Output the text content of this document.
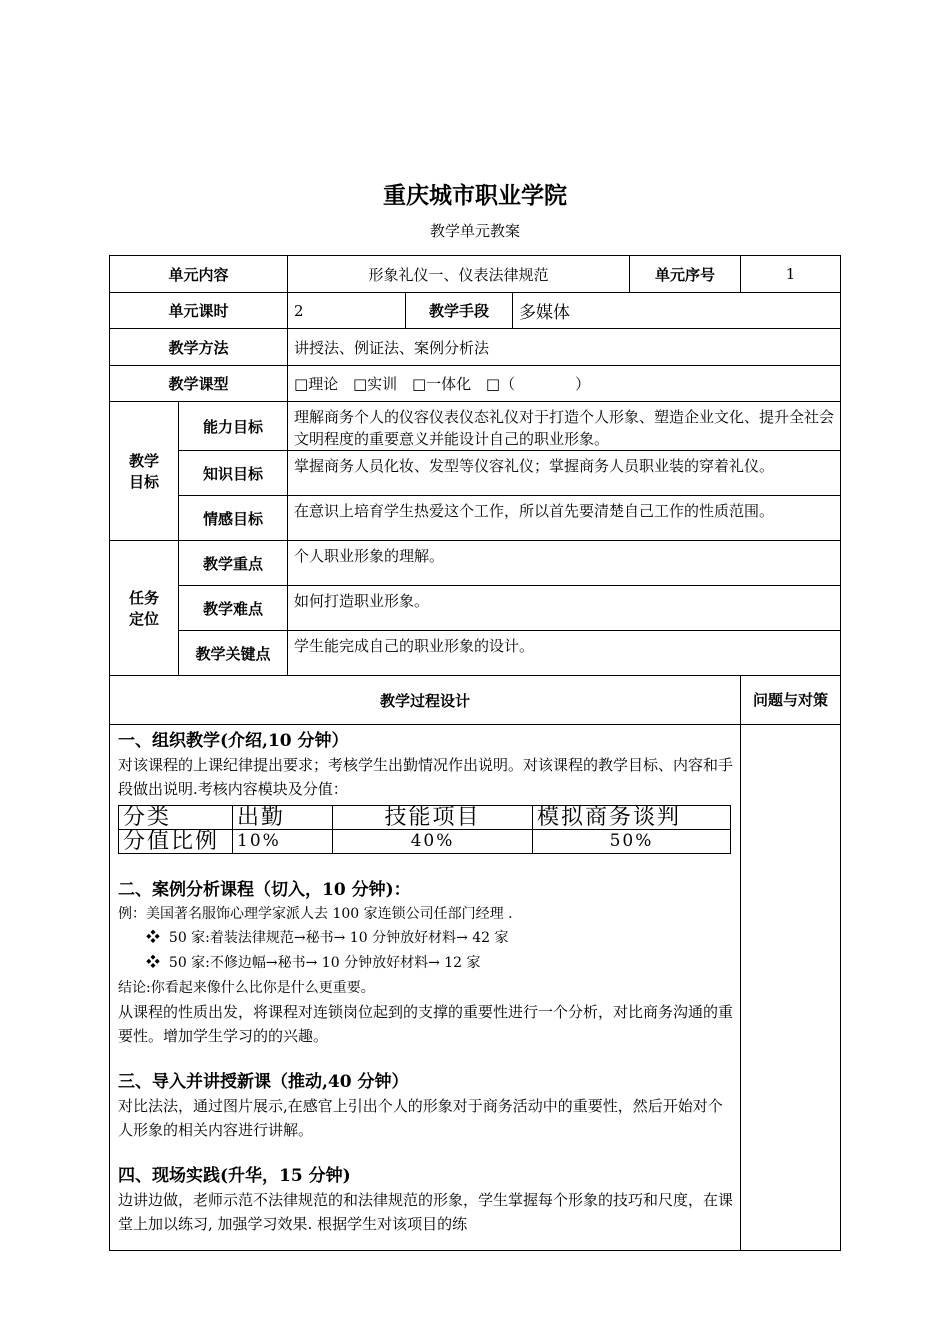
重庆城市职业学院
教学单元教案
单元内容	形象礼仪一、仪表法律规范	单元序号	1
单元课时	2	教学手段	多媒体
教学方法	讲授法、例证法、案例分析法
教学课型	□理论 □实训 □一体化 □（　　　　）
教学目标	能力目标	理解商务个人的仪容仪表仪态礼仪对于打造个人形象、塑造企业文化、提升全社会文明程度的重要意义并能设计自己的职业形象。
知识目标	掌握商务人员化妆、发型等仪容礼仪；掌握商务人员职业装的穿着礼仪。
情感目标	在意识上培育学生热爱这个工作，所以首先要清楚自己工作的性质范围。
任务定位	教学重点	个人职业形象的理解。
教学难点	如何打造职业形象。
教学关键点	学生能完成自己的职业形象的设计。
教学过程设计	问题与对策

一、组织教学(介绍,10 分钟）
对该课程的上课纪律提出要求；考核学生出勤情况作出说明。对该课程的教学目标、内容和手段做出说明.考核内容模块及分值：
分类	出勤	技能项目	模拟商务谈判
分值比例	10%	40%	50%
二、案例分析课程（切入，10 分钟)：
例：美国著名服饰心理学家派人去 100 家连锁公司任部门经理 .
❖  50 家:着装法律规范→秘书→ 10 分钟放好材料→ 42 家
❖  50 家:不修边幅→秘书→ 10 分钟放好材料→ 12 家
结论:你看起来像什么比你是什么更重要。
从课程的性质出发，将课程对连锁岗位起到的支撑的重要性进行一个分析，对比商务沟通的重要性。增加学生学习的的兴趣。
三、导入并讲授新课（推动,40 分钟）
对比法法，通过图片展示,在感官上引出个人的形象对于商务活动中的重要性，然后开始对个人形象的相关内容进行讲解。
四、现场实践(升华，15 分钟)
边讲边做，老师示范不法律规范的和法律规范的形象，学生掌握每个形象的技巧和尺度，在课堂上加以练习, 加强学习效果. 根据学生对该项目的练
